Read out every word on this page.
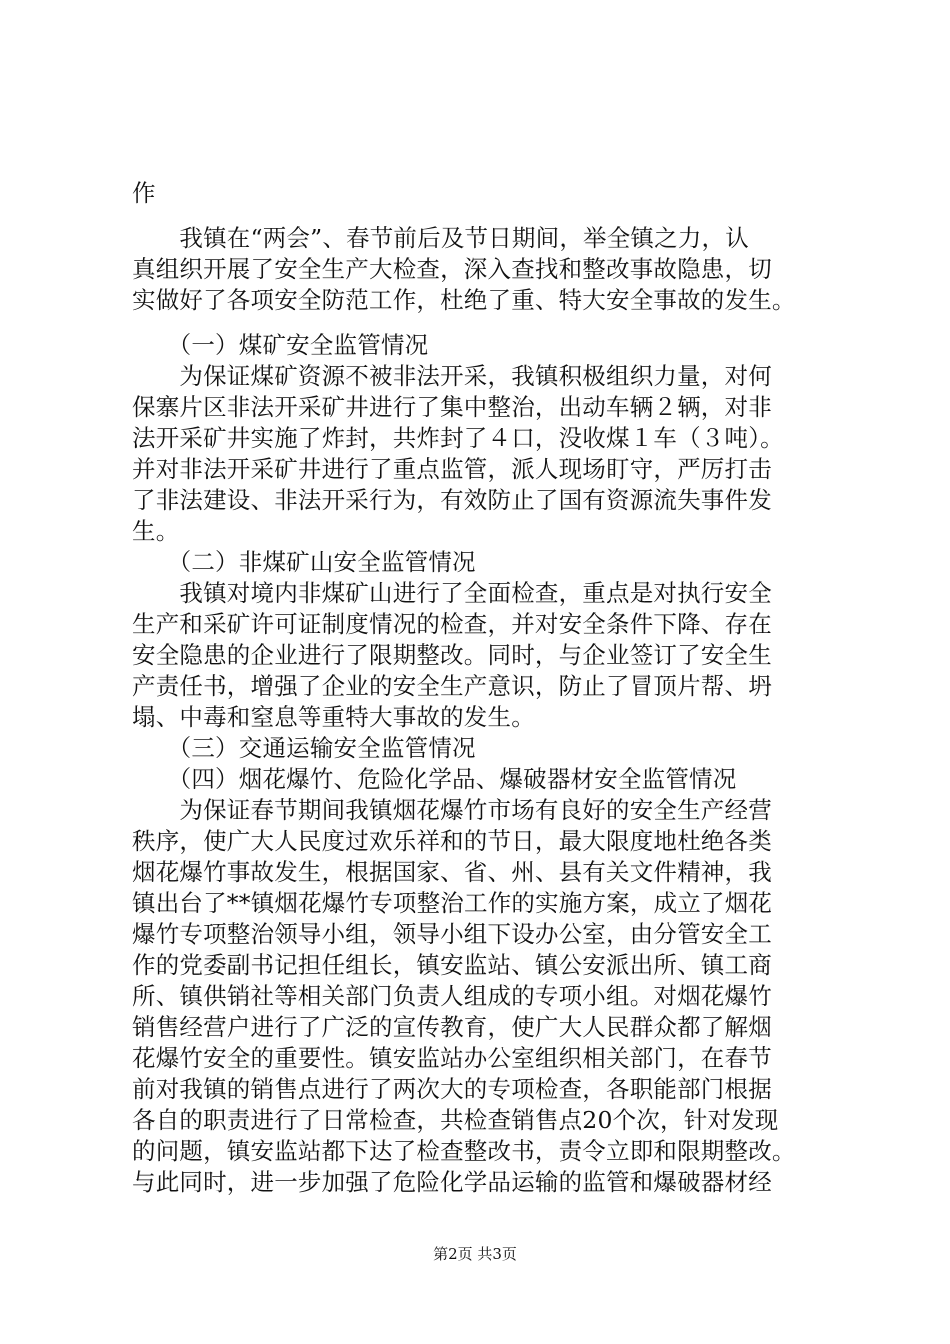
作
　　我镇在“两会”、春节前后及节日期间，举全镇之力，认
真组织开展了安全生产大检查，深入查找和整改事故隐患，切
实做好了各项安全防范工作，杜绝了重、特大安全事故的发生。
　　（一）煤矿安全监管情况
　　为保证煤矿资源不被非法开采，我镇积极组织力量，对何
保寨片区非法开采矿井进行了集中整治，出动车辆２辆，对非
法开采矿井实施了炸封，共炸封了４口，没收煤１车（３吨）。
并对非法开采矿井进行了重点监管，派人现场盯守，严厉打击
了非法建设、非法开采行为，有效防止了国有资源流失事件发
生。
　　（二）非煤矿山安全监管情况
　　我镇对境内非煤矿山进行了全面检查，重点是对执行安全
生产和采矿许可证制度情况的检查，并对安全条件下降、存在
安全隐患的企业进行了限期整改。同时，与企业签订了安全生
产责任书，增强了企业的安全生产意识，防止了冒顶片帮、坍
塌、中毒和窒息等重特大事故的发生。
　　（三）交通运输安全监管情况
　　（四）烟花爆竹、危险化学品、爆破器材安全监管情况
　　为保证春节期间我镇烟花爆竹市场有良好的安全生产经营
秩序，使广大人民度过欢乐祥和的节日，最大限度地杜绝各类
烟花爆竹事故发生，根据国家、省、州、县有关文件精神，我
镇出台了**镇烟花爆竹专项整治工作的实施方案，成立了烟花
爆竹专项整治领导小组，领导小组下设办公室，由分管安全工
作的党委副书记担任组长，镇安监站、镇公安派出所、镇工商
所、镇供销社等相关部门负责人组成的专项小组。对烟花爆竹
销售经营户进行了广泛的宣传教育，使广大人民群众都了解烟
花爆竹安全的重要性。镇安监站办公室组织相关部门，在春节
前对我镇的销售点进行了两次大的专项检查，各职能部门根据
各自的职责进行了日常检查，共检查销售点20个次，针对发现
的问题，镇安监站都下达了检查整改书，责令立即和限期整改。
与此同时，进一步加强了危险化学品运输的监管和爆破器材经
第2页 共3页
